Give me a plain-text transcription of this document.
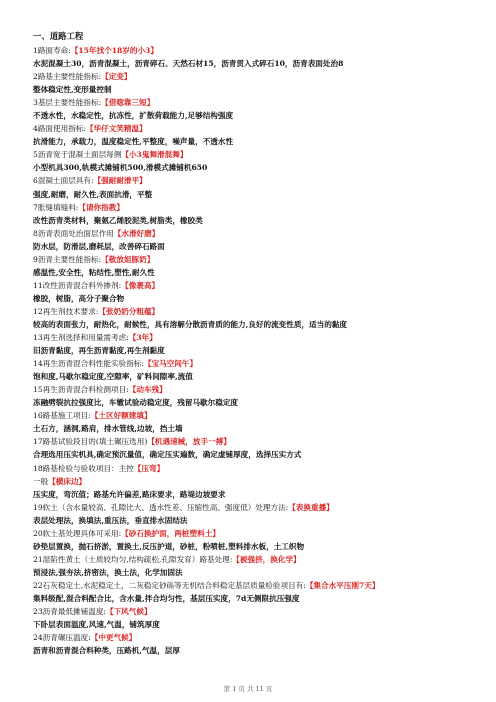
一、道路工程
1路面寿命:【15年找个18岁的小3】
水泥混凝土30，沥青混凝土，沥青碎石、天然石材15，沥青贯入式碎石10，沥青表面处治8
2路基主要性能指标:【定变】
整体稳定性,变形量控制
3基层主要性能指标:【借唿靠三短】
不透水性，水稳定性，抗冻性，扩散荷载能力,足够结构强度
4路面使用指标:【华仔文笑精温】
抗滑能力，承载力，温度稳定性,平整度，噪声量，不透水性
5沥青宽于混凝土面层每侧【小3鬼舞滑混舞】
小型机具300,轨模式摊铺机500,滑模式摊铺机650
6混凝土面层具有:【强耐耐滑平】
强度,耐磨，耐久性,表面抗滑，平整
7胀缝填缝料:【请你指教】
改性沥青类材料，聚氨乙烯胶泥类,树脂类，橡胶类
8沥青表面处治面层作用【水滑好磨】
防水层，防滑层,磨耗层，改善碎石路面
9沥青主要性能指标:【敬放姐豚奶】
感温性,安全性，粘结性,塑性,耐久性
11改性沥青混合料外掺剂:【像裹高】
橡胶，树脂，高分子聚合物
12再生剂技术要求:【张奶奶分粗蕴】
较高的表面张力，耐热化，耐候性，具有溶解分散沥青质的能力,良好的流变性质，适当的黏度
13再生剂选择和用量需考虑:【3年】
旧沥青黏度，再生沥青黏度,再生剂黏度
14再生沥青混合料性能实验指标:【宝马空间午】
饱和度,马歇尔稳定度,空隙率，矿料间隙率,流值
15再生沥青混合料检测项目:【动车残】
冻融劈裂抗拉强度比，车辙试验动稳定度，残留马歇尔稳定度
16路基施工项目:【土区好额建填】
土石方，涵洞,路肩，排水管线,边坡，挡土墙
17路基试验段目的(填土碾压选用)【机遇速械，放手一搏】
合理选用压实机具,确定预沉量值，确定压实遍数，确定虚铺厚度，选择压实方式
18路基检验与验收项目：主控【压弯】
一般【横床边】
压实度，弯沉值；路基允许偏差,路床要求，路堤边坡要求
19软土（含水量较高、孔隙比大、透水性差、压缩性高、强度低）处理方法:【表换重播】
表层处理法，换填法,重压法，垂直排水固结法
20软土基处理具体可采用:【砂石换护面，两桩塑料土】
砂垫层置换，抛石挤淤，置换土,反压护道，砂桩，粉喷桩,塑料排水板，土工织物
21湿陷性黄土（土质较均匀,结构疏松,孔隙发育）路基处理:【被强挤，换化学】
预浸法,强夯法,挤密法，换土法，化学加固法
22石灰稳定土,水泥稳定土，二灰稳定砂砾等无机结合料稳定基层质量检验项目有:【集合水平压刚7天】
集料级配,混合料配合比，含水量,拌合均匀性，基层压实度，7d无侧限抗压强度
23沥青最低摊铺温度:【下风气候】
下卧层表面温度,风速,气温，铺筑厚度
24沥青碾压温度:【中更气候】
沥青和沥青混合料种类，压路机,气温，层厚
第 1 页 共 11 页
